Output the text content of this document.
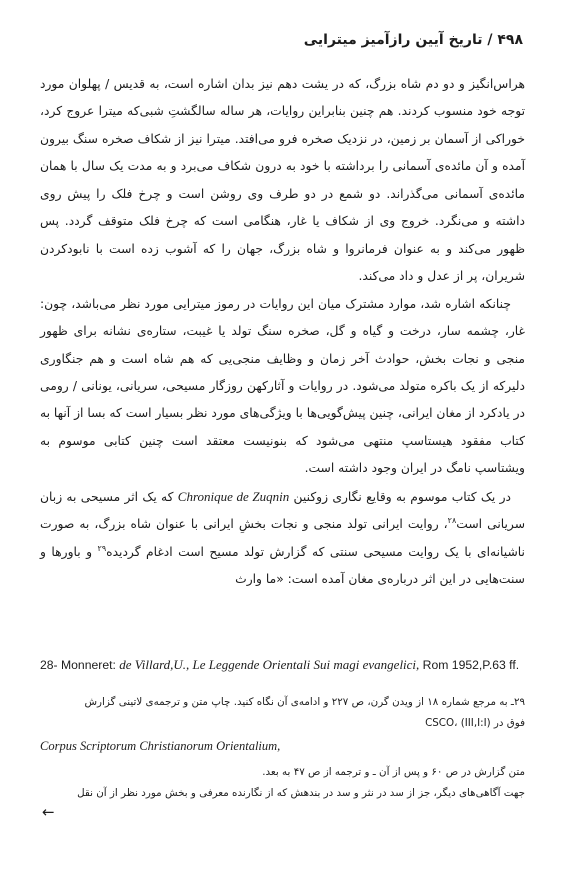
۴۹۸ / تاریخ آیین رازآمیز میترایی

هراس‌انگیز و دو دم شاه بزرگ، که در یشت دهم نیز بدان اشاره است، به قدیس / پهلوان مورد توجه خود منسوب کردند. هم چنین بنابراین روایات، هر ساله سالگشتِ شبی‌که میترا عروج کرد، خوراکی از آسمان بر زمین، در نزدیک صخره فرو می‌افتد. میترا نیز از شکاف صخره سنگ بیرون آمده و آن مائده‌ی آسمانی را برداشته با خود به درون شکاف می‌برد و به مدت یک سال با همان مائده‌ی آسمانی می‌گذراند. دو شمع در دو طرف وی روشن است و چرخ فلک را پیش روی داشته و می‌نگرد. خروج وی از شکاف یا غار، هنگامی است که چرخ فلک متوقف گردد. پس ظهور می‌کند و به عنوان فرمانروا و شاه بزرگ، جهان را که آشوب زده است با نابودکردن شریران، پر از عدل و داد می‌کند.

چنانکه اشاره شد، موارد مشترک میان این روایات در رموز میترایی مورد نظر می‌باشد، چون: غار، چشمه سار، درخت و گیاه و گل، صخره سنگ تولد یا غیبت، ستاره‌ی نشانه برای ظهور منجی و نجات بخش، حوادث آخر زمان و وظایف منجی‌یی که هم شاه است و هم جنگاوری دلیرکه از یک باکره متولد می‌شود. در روایات و آثارکهن روزگار مسیحی، سریانی، یونانی / رومی در یادکرد از مغان ایرانی، چنین پیش‌گویی‌ها با ویژگی‌های مورد نظر بسیار است که بسا از آنها به کتاب مفقود هیستاسپ منتهی می‌شود که بنونیست معتقد است چنین کتابی موسوم به ویشتاسپ نامگ در ایران وجود داشته است.

در یک کتاب موسوم به وقایع نگاری زوکنین Chronique de Zuqnin که یک اثر مسیحی به زبان سریانی است$^{۲۸}$، روایت ایرانی تولد منجی و نجات بخشِ ایرانی با عنوان شاه بزرگ، به صورت ناشیانه‌ای با یک روایت مسیحی سنتی که گزارش تولد مسیح است ادغام گردیده$^{۲۹}$ و باورها و سنت‌هایی در این اثر درباره‌ی مغان آمده است: «ما وارث

28- Monneret: de Villard,U., Le Leggende Orientali Sui magi evangelici, Rom 1952,P.63 ff.
۲۹ـ به مرجع شماره ۱۸ از ویدن گرن، ص ۲۲۷ و ادامه‌ی آن نگاه کنید. چاپ متن و ترجمه‌ی لاتینی گزارش
فوق در CSCO، (III,I:I)
Corpus Scriptorum Christianorum Orientalium,
متن گزارش در ص ۶۰ و پس از آن ـ و ترجمه از ص ۴۷ به بعد.
جهت آگاهی‌های دیگر، جز از سد در نثر و سد در بندهش که از نگارنده معرفی و بخش مورد نظر از آن نقل
←
